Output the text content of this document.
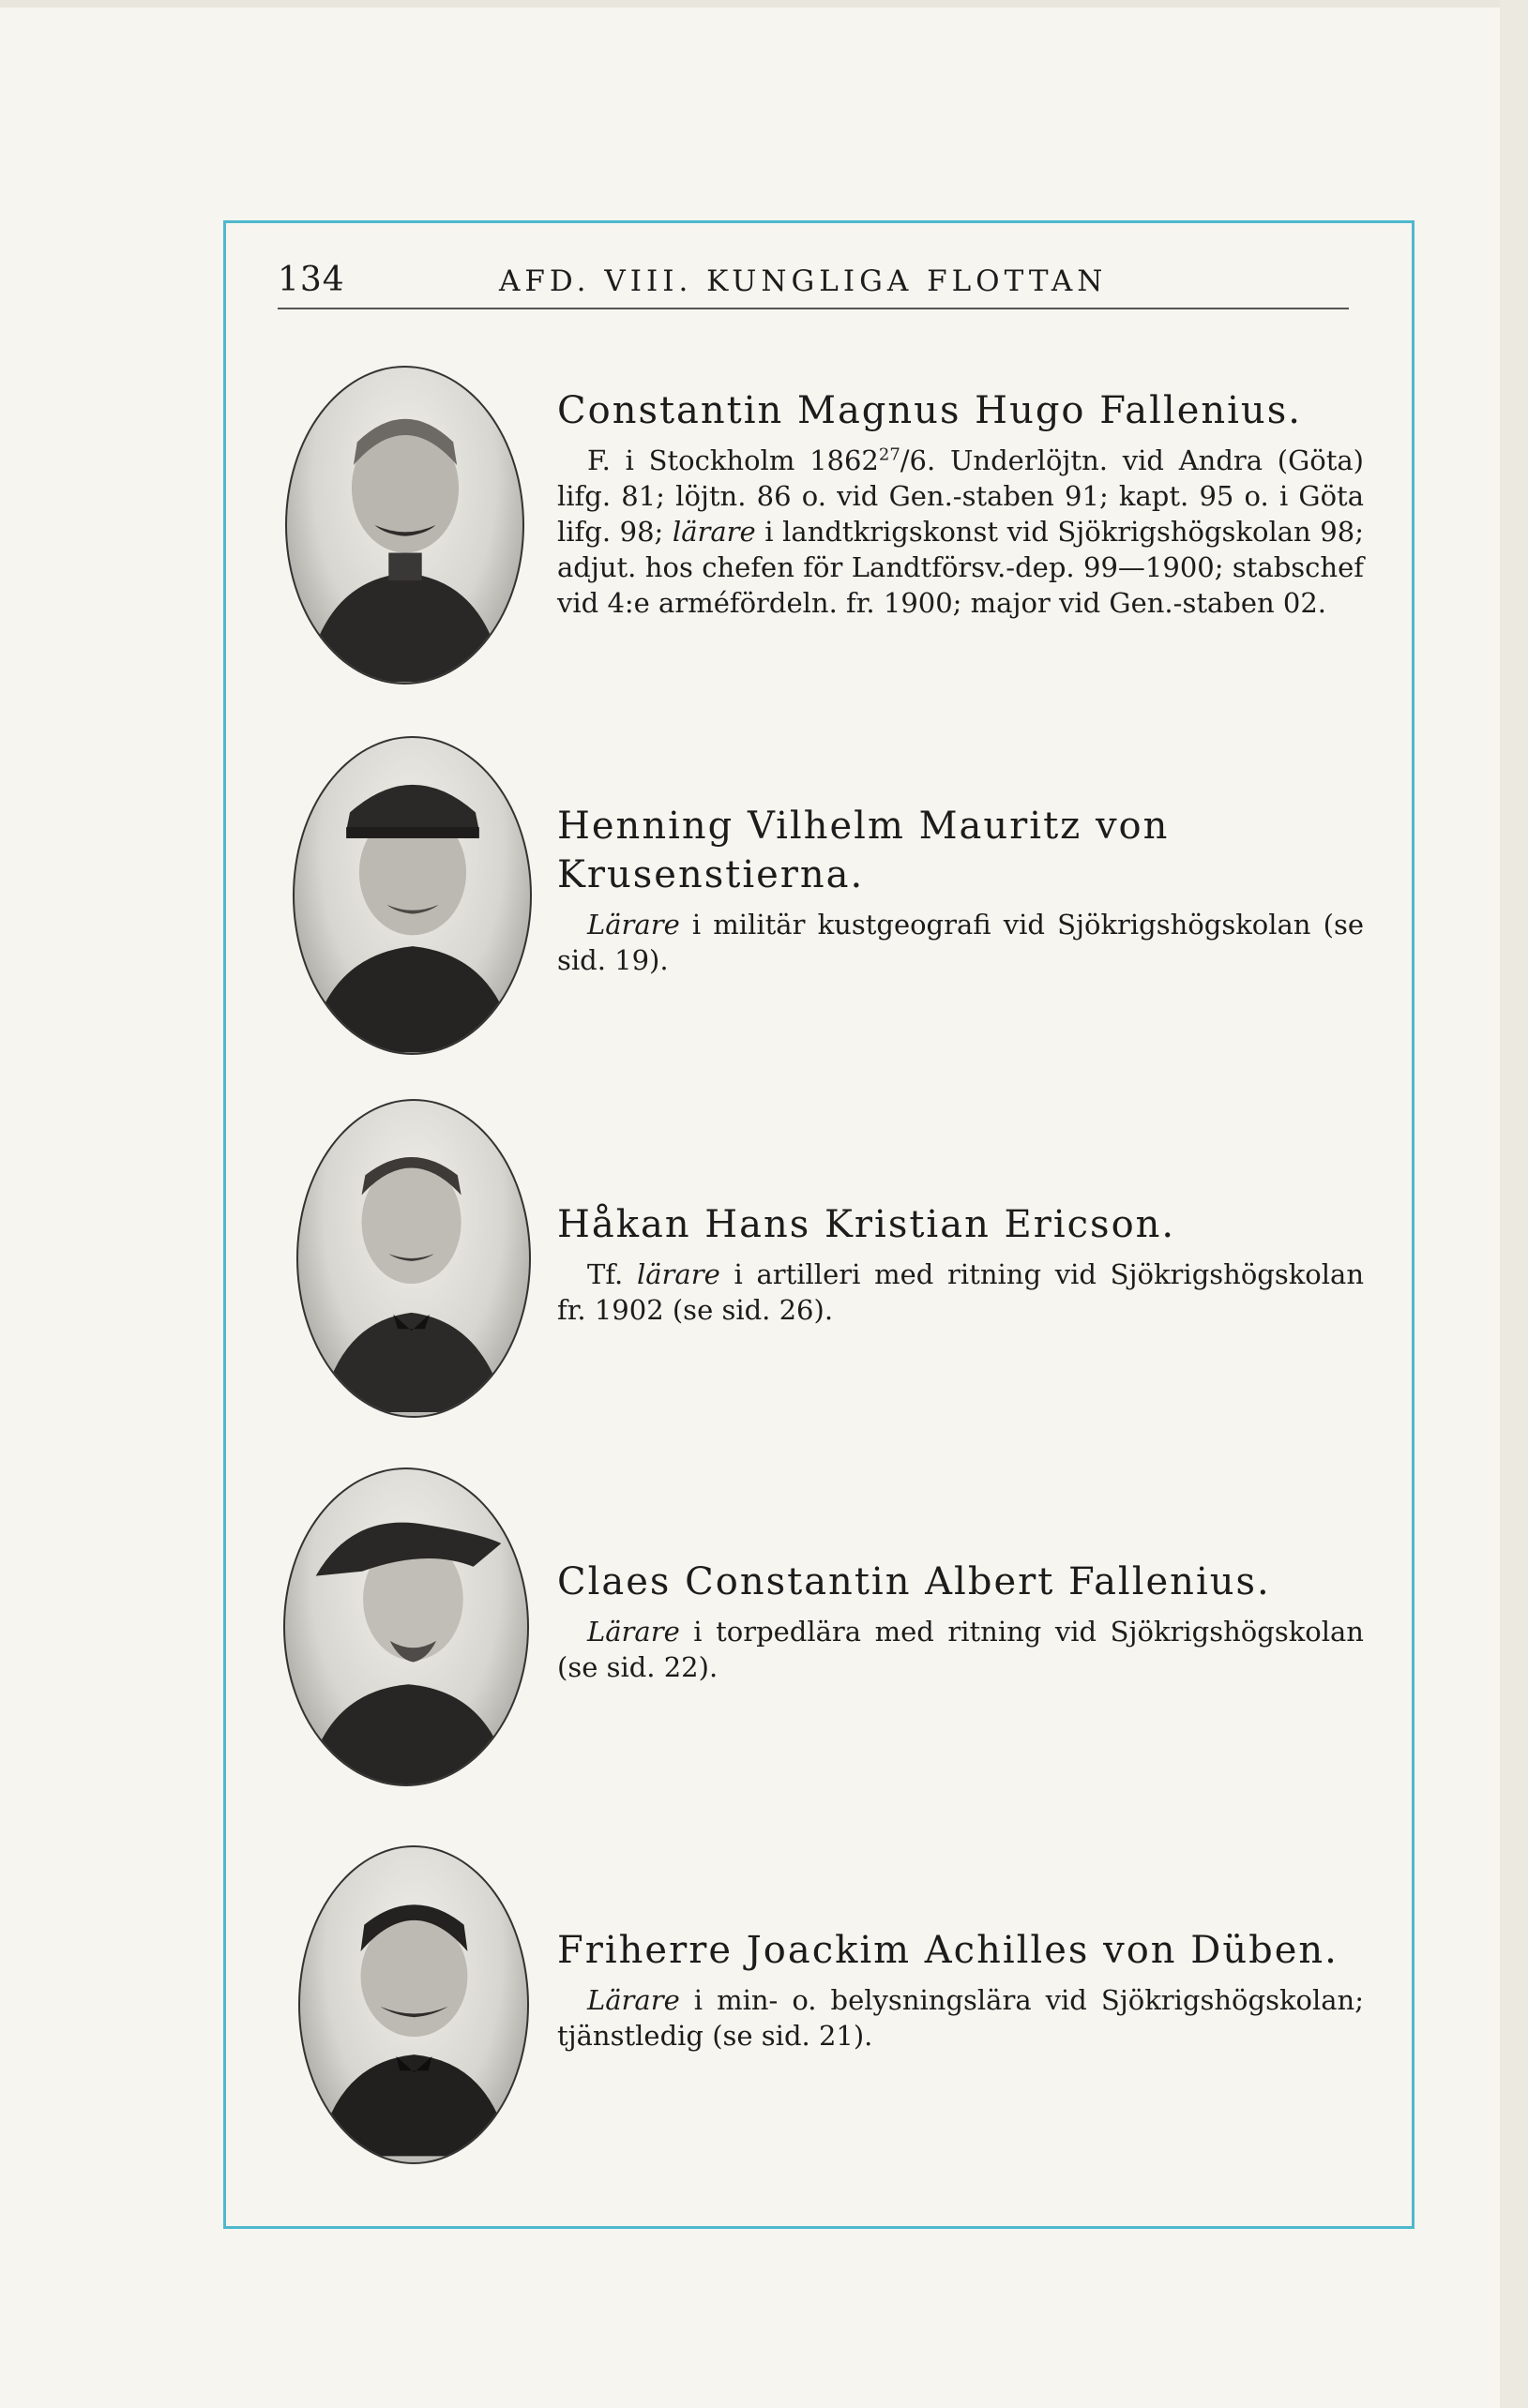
134	AFD. VIII. KUNGLIGA FLOTTAN
Constantin Magnus Hugo Fallenius.

F. i Stockholm 1862$^{27}$/6. Underlöjtn. vid Andra (Göta) lifg. 81; löjtn. 86 o. vid Gen.-staben 91; kapt. 95 o. i Göta lifg. 98; lärare i landtkrigskonst vid Sjökrigshögskolan 98; adjut. hos chefen för Landtförsv.-dep. 99—1900; stabschef vid 4:e arméfördeln. fr. 1900; major vid Gen.-staben 02.

Henning Vilhelm Mauritz von Krusenstierna.

Lärare i militär kustgeografi vid Sjökrigshögskolan (se sid. 19).

Håkan Hans Kristian Ericson.

Tf. lärare i artilleri med ritning vid Sjökrigshögskolan fr. 1902 (se sid. 26).

Claes Constantin Albert Fallenius.

Lärare i torpedlära med ritning vid Sjökrigshögskolan (se sid. 22).

Friherre Joackim Achilles von Düben.

Lärare i min- o. belysningslära vid Sjökrigshögskolan; tjänstledig (se sid. 21).
